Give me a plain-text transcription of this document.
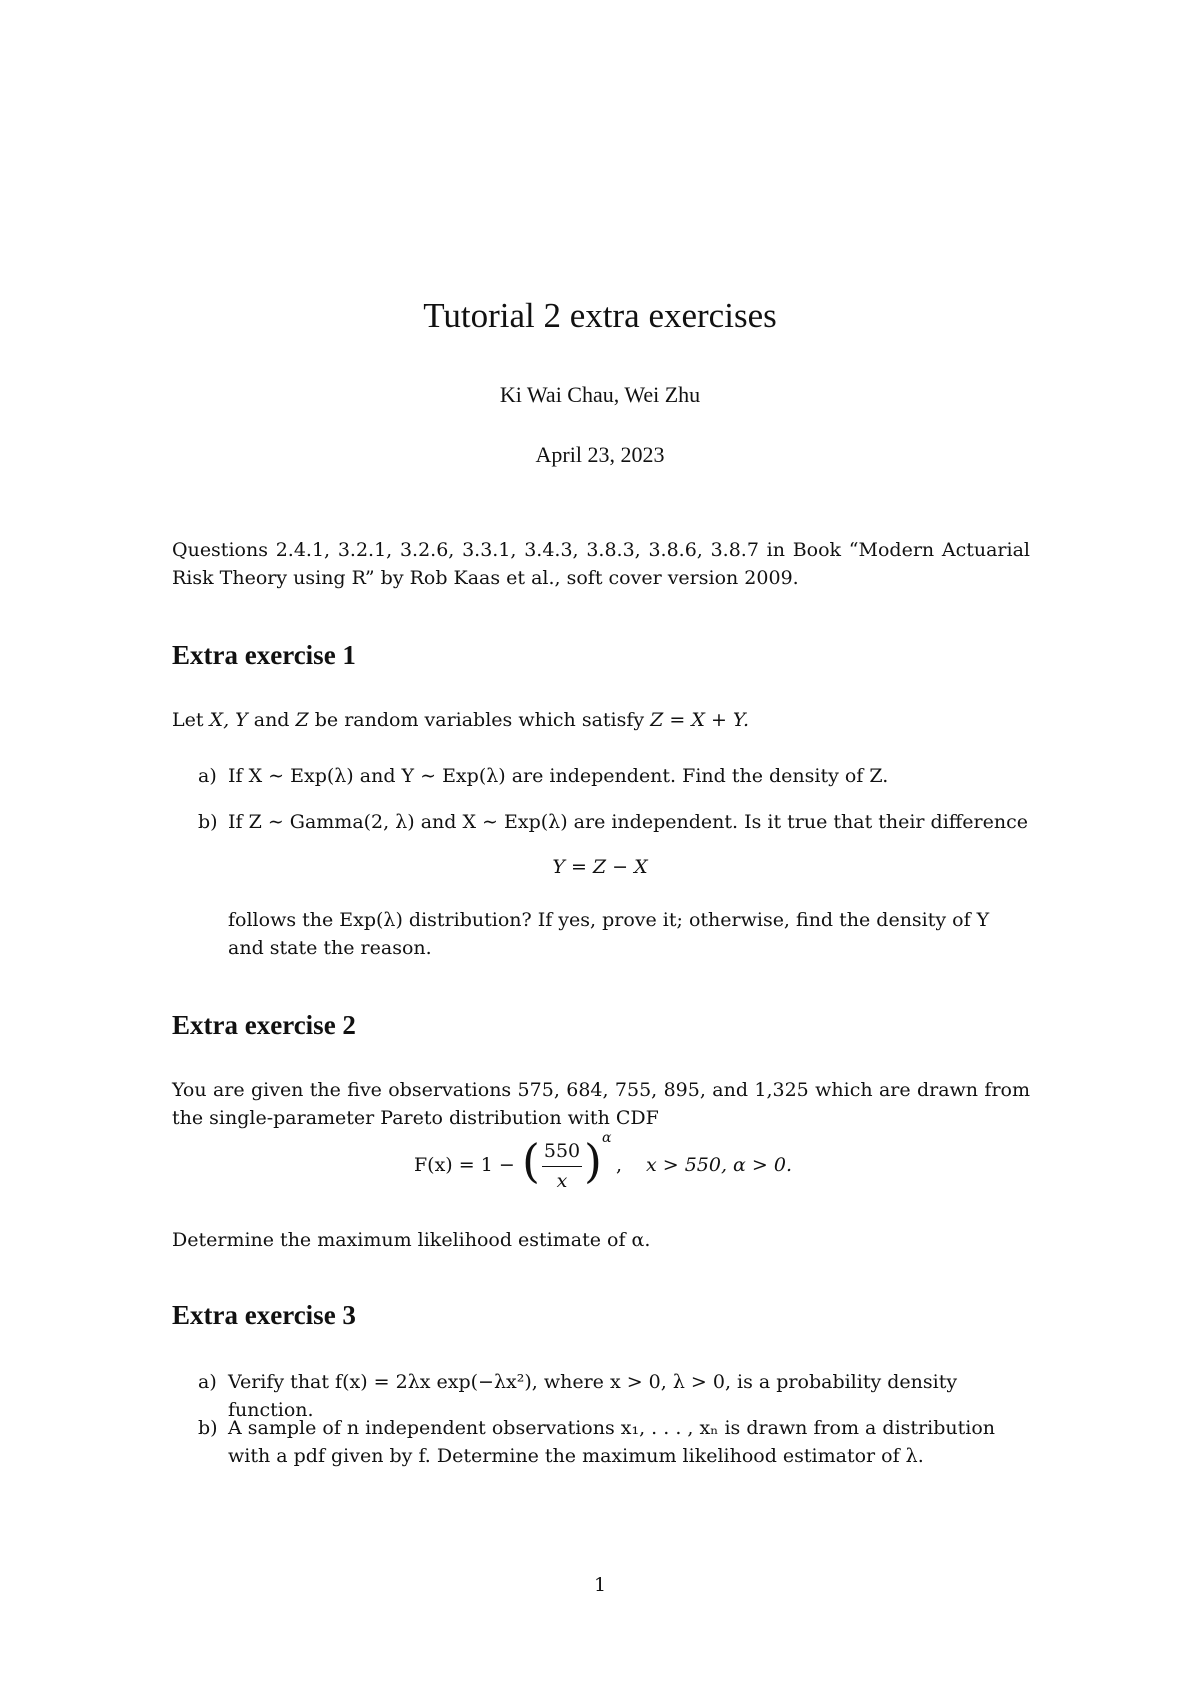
Tutorial 2 extra exercises
Ki Wai Chau, Wei Zhu
April 23, 2023
Questions 2.4.1, 3.2.1, 3.2.6, 3.3.1, 3.4.3, 3.8.3, 3.8.6, 3.8.7 in Book “Modern Actuarial Risk Theory using R” by Rob Kaas et al., soft cover version 2009.
Extra exercise 1
Let X, Y and Z be random variables which satisfy Z = X + Y.
a) If X ∼ Exp(λ) and Y ∼ Exp(λ) are independent. Find the density of Z.
b) If Z ∼ Gamma(2, λ) and X ∼ Exp(λ) are independent. Is it true that their difference
Y = Z − X
follows the Exp(λ) distribution? If yes, prove it; otherwise, find the density of Y and state the reason.
Extra exercise 2
You are given the five observations 575, 684, 755, 895, and 1,325 which are drawn from the single-parameter Pareto distribution with CDF
F(x) = 1 − ( 550
x ) α
, x > 550, α > 0.
Determine the maximum likelihood estimate of α.
Extra exercise 3
a) Verify that f(x) = 2λx exp(−λx²), where x > 0, λ > 0, is a probability density function.
b) A sample of n independent observations x₁, . . . , xₙ is drawn from a distribution with a pdf given by f. Determine the maximum likelihood estimator of λ.
1
